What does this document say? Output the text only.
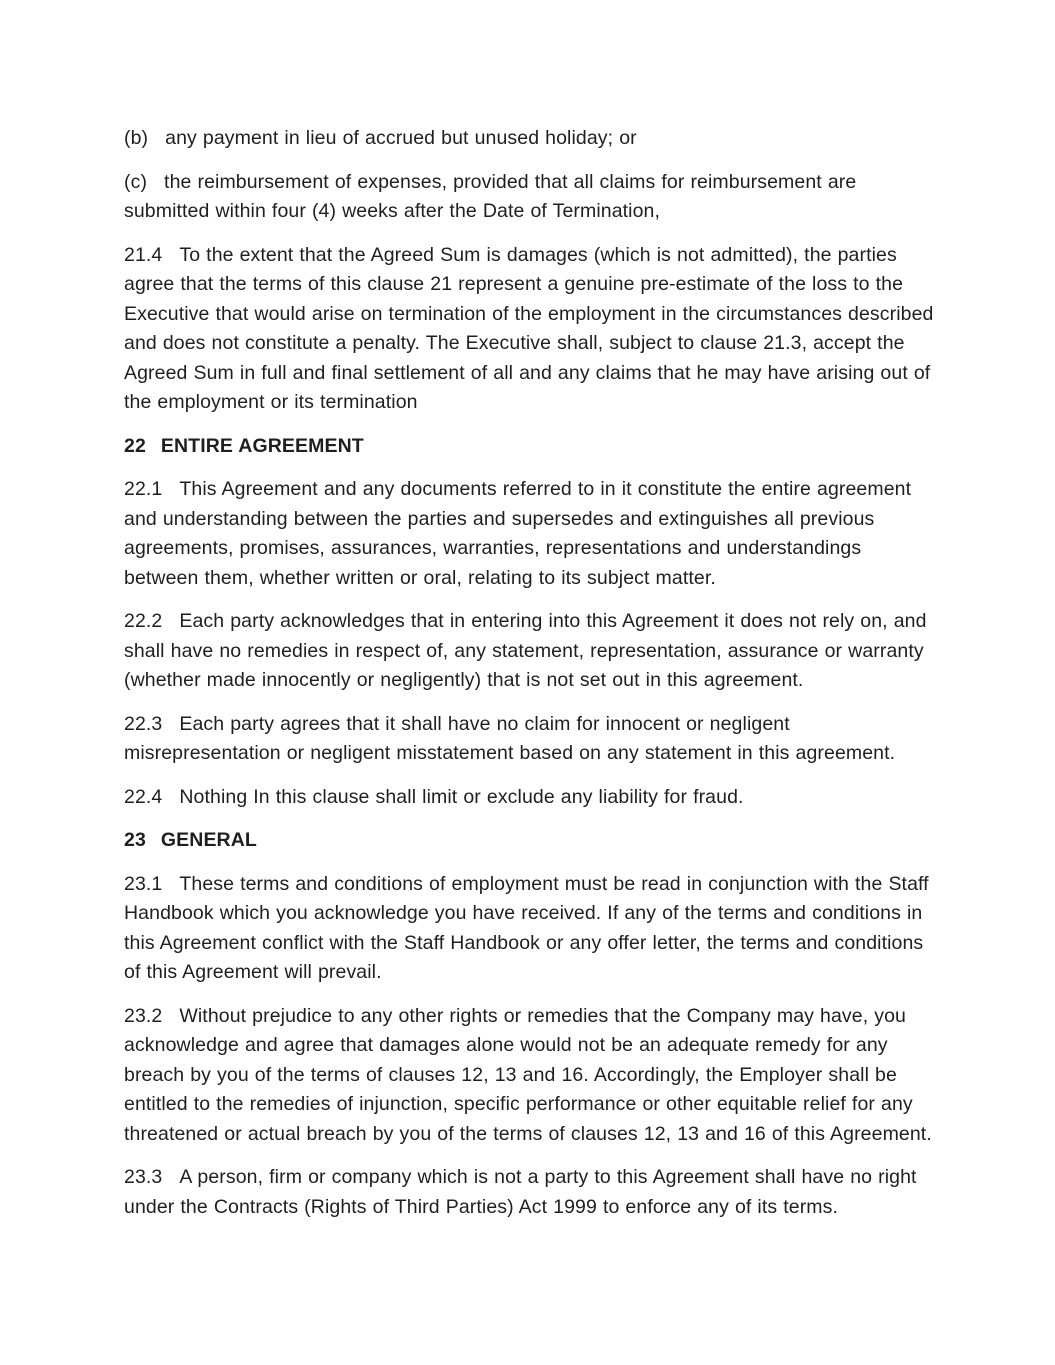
(b) any payment in lieu of accrued but unused holiday; or

(c) the reimbursement of expenses, provided that all claims for reimbursement are submitted within four (4) weeks after the Date of Termination,

21.4 To the extent that the Agreed Sum is damages (which is not admitted), the parties agree that the terms of this clause 21 represent a genuine pre-estimate of the loss to the Executive that would arise on termination of the employment in the circumstances described and does not constitute a penalty. The Executive shall, subject to clause 21.3, accept the Agreed Sum in full and final settlement of all and any claims that he may have arising out of the employment or its termination

22 ENTIRE AGREEMENT

22.1 This Agreement and any documents referred to in it constitute the entire agreement and understanding between the parties and supersedes and extinguishes all previous agreements, promises, assurances, warranties, representations and understandings between them, whether written or oral, relating to its subject matter.

22.2 Each party acknowledges that in entering into this Agreement it does not rely on, and shall have no remedies in respect of, any statement, representation, assurance or warranty (whether made innocently or negligently) that is not set out in this agreement.

22.3 Each party agrees that it shall have no claim for innocent or negligent misrepresentation or negligent misstatement based on any statement in this agreement.

22.4 Nothing In this clause shall limit or exclude any liability for fraud.

23 GENERAL

23.1 These terms and conditions of employment must be read in conjunction with the Staff Handbook which you acknowledge you have received. If any of the terms and conditions in this Agreement conflict with the Staff Handbook or any offer letter, the terms and conditions of this Agreement will prevail.

23.2 Without prejudice to any other rights or remedies that the Company may have, you acknowledge and agree that damages alone would not be an adequate remedy for any breach by you of the terms of clauses 12, 13 and 16. Accordingly, the Employer shall be entitled to the remedies of injunction, specific performance or other equitable relief for any threatened or actual breach by you of the terms of clauses 12, 13 and 16 of this Agreement.

23.3 A person, firm or company which is not a party to this Agreement shall have no right under the Contracts (Rights of Third Parties) Act 1999 to enforce any of its terms.
